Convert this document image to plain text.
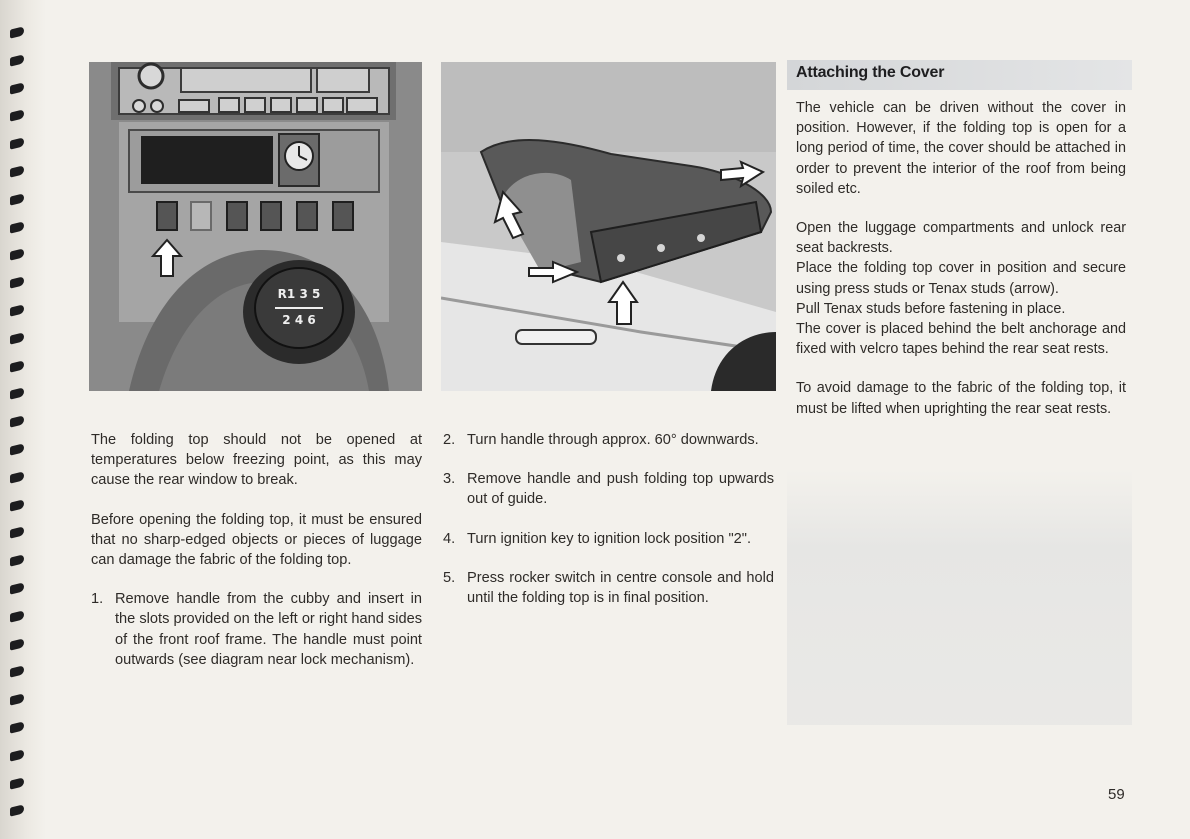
R1 3 5
2 4 6

The folding top should not be opened at temperatures below freezing point, as this may cause the rear window to break.

Before opening the folding top, it must be ensured that no sharp-edged objects or pieces of luggage can damage the fabric of the folding top.

1. Remove handle from the cubby and insert in the slots provided on the left or right hand sides of the front roof frame. The handle must point outwards (see diagram near lock mechanism).
2. Turn handle through approx. 60° downwards.
3. Remove handle and push folding top upwards out of guide.
4. Turn ignition key to ignition lock position "2".
5. Press rocker switch in centre console and hold until the folding top is in final position.
Attaching the Cover

The vehicle can be driven without the cover in position. However, if the folding top is open for a long period of time, the cover should be attached in order to prevent the interior of the roof from being soiled etc.

Open the luggage compartments and unlock rear seat backrests.
Place the folding top cover in position and secure using press studs or Tenax studs (arrow).
Pull Tenax studs before fastening in place.
The cover is placed behind the belt anchorage and fixed with velcro tapes behind the rear seat rests.

To avoid damage to the fabric of the folding top, it must be lifted when uprighting the rear seat rests.

59
